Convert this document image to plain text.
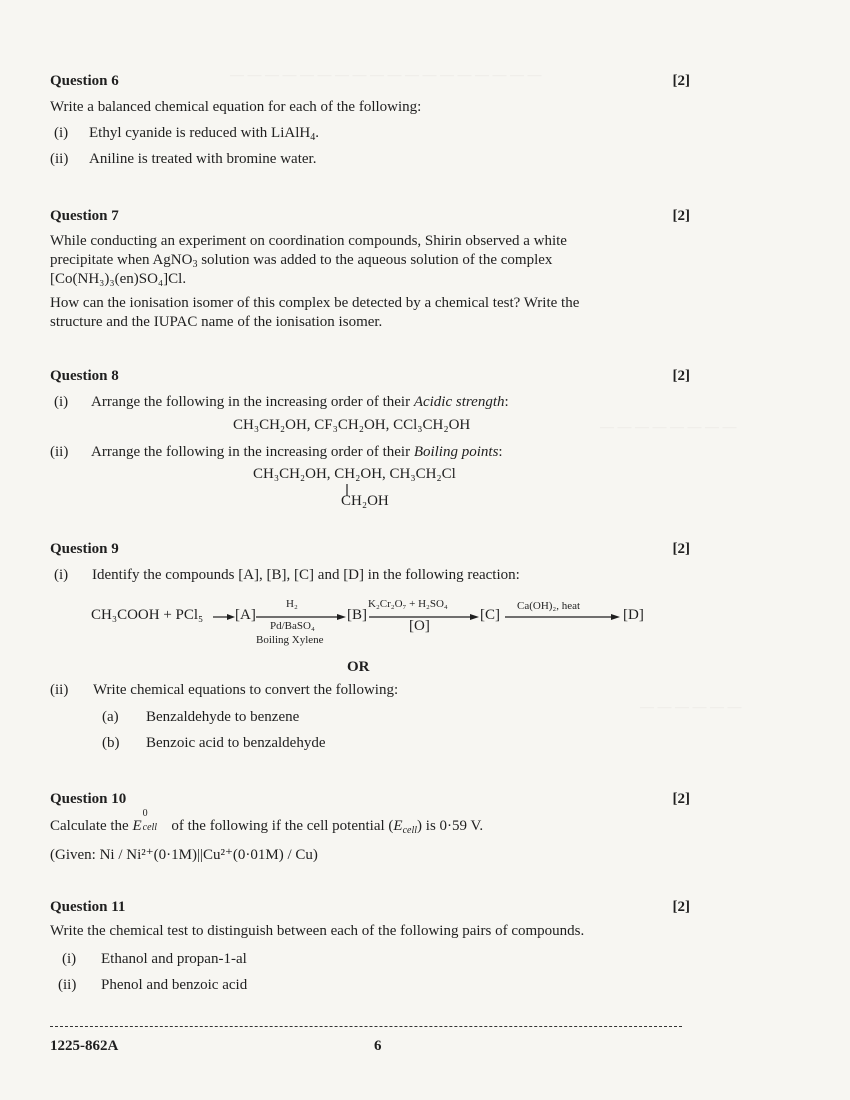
— — — — — — — — — — — — — — — — — —
— — — — — — — —
— — — — — —
Question 6	[2]
Write a balanced chemical equation for each of the following:
(i) Ethyl cyanide is reduced with LiAlH$_4$.
(ii) Aniline is treated with bromine water.
Question 7	[2]
While conducting an experiment on coordination compounds, Shirin observed a white
precipitate when AgNO$_3$ solution was added to the aqueous solution of the complex
[Co(NH₃)₃(en)SO₄]Cl.
How can the ionisation isomer of this complex be detected by a chemical test? Write the
structure and the IUPAC name of the ionisation isomer.
Question 8	[2]
(i) Arrange the following in the increasing order of their Acidic strength:
CH₃CH₂OH, CF₃CH₂OH, CCl₃CH₂OH
(ii) Arrange the following in the increasing order of their Boiling points:
CH₃CH₂OH, CH₂OH, CH₃CH₂Cl
CH₂OH
Question 9	[2]
(i) Identify the compounds [A], [B], [C] and [D] in the following reaction:
CH₃COOH + PCl₅ → [A]
H₂
Pd/BaSO₄
Boiling Xylene
[B]
K₂Cr₂O₇ + H₂SO₄
[O]
[C]
Ca(OH)₂, heat
[D]
OR
(ii) Write chemical equations to convert the following:
(a) Benzaldehyde to benzene
(b) Benzoic acid to benzaldehyde
Question 10	[2]
Calculate the E
0
cell of the following if the cell potential $(E_{cell})$ is 0·59 V.
(Given: Ni / Ni²⁺(0·1M)||Cu²⁺(0·01M) / Cu)
Question 11	[2]
Write the chemical test to distinguish between each of the following pairs of compounds.
(i) Ethanol and propan-1-al
(ii) Phenol and benzoic acid
1225-862A	6
